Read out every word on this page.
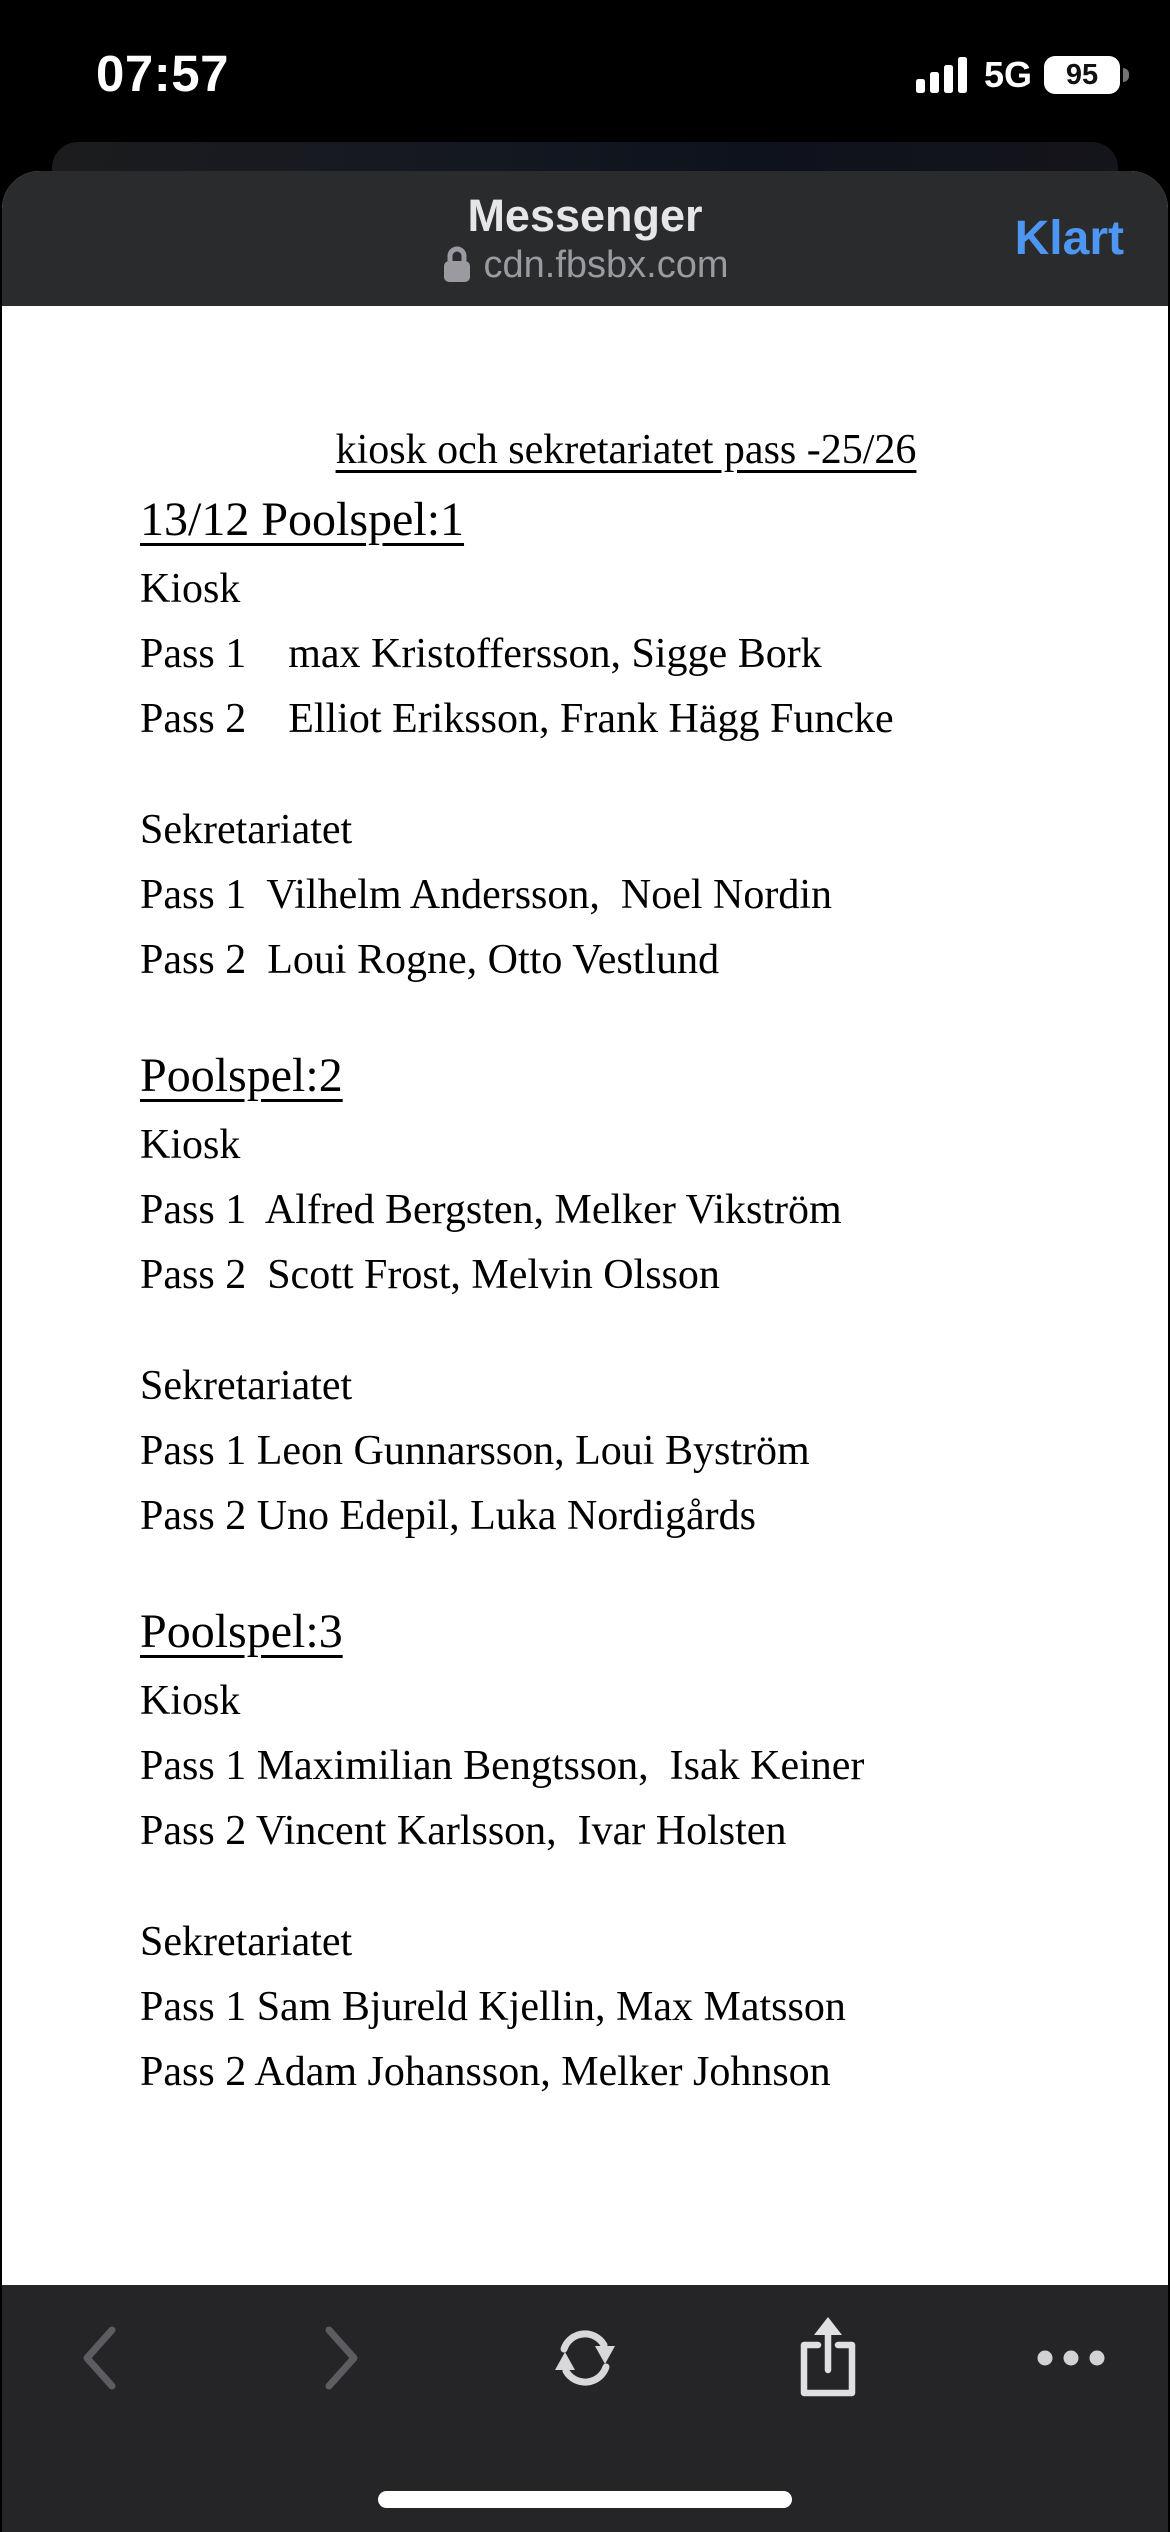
07:57	5G 95
Messenger
cdn.fbsbx.com	Klart

kiosk och sekretariatet pass -25/26

13/12 Poolspel:1

Kiosk

Pass 1    max Kristoffersson, Sigge Bork

Pass 2    Elliot Eriksson, Frank Hägg Funcke

Sekretariatet

Pass 1  Vilhelm Andersson,  Noel Nordin

Pass 2  Loui Rogne, Otto Vestlund

Poolspel:2

Kiosk

Pass 1  Alfred Bergsten, Melker Vikström

Pass 2  Scott Frost, Melvin Olsson

Sekretariatet

Pass 1 Leon Gunnarsson, Loui Byström

Pass 2 Uno Edepil, Luka Nordigårds

Poolspel:3

Kiosk

Pass 1 Maximilian Bengtsson,  Isak Keiner

Pass 2 Vincent Karlsson,  Ivar Holsten

Sekretariatet

Pass 1 Sam Bjureld Kjellin, Max Matsson

Pass 2 Adam Johansson, Melker Johnson
